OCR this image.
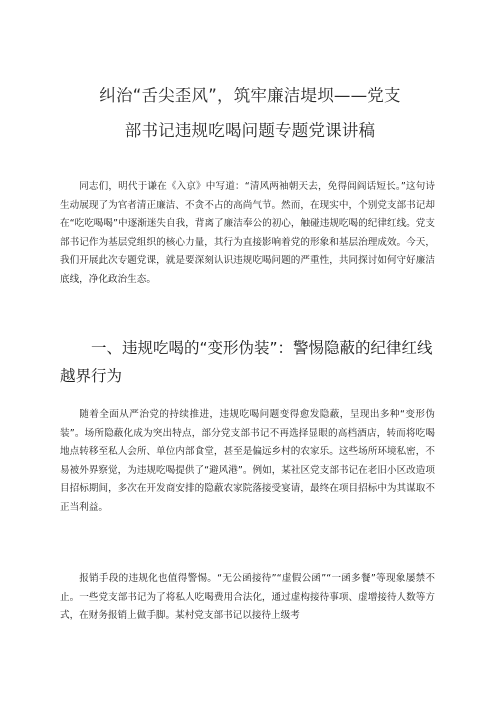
纠治“舌尖歪风”，筑牢廉洁堤坝——党支
部书记违规吃喝问题专题党课讲稿

同志们，明代于谦在《入京》中写道：“清风两袖朝天去，免得闾阎话短长。”这句诗生动展现了为官者清正廉洁、不贪不占的高尚气节。然而，在现实中，个别党支部书记却在“吃吃喝喝”中逐渐迷失自我，背离了廉洁奉公的初心，触碰违规吃喝的纪律红线。党支部书记作为基层党组织的核心力量，其行为直接影响着党的形象和基层治理成效。今天，我们开展此次专题党课，就是要深刻认识违规吃喝问题的严重性，共同探讨如何守好廉洁底线，净化政治生态。

一、违规吃喝的“变形伪装”：警惕隐蔽的纪律红线越界行为

随着全面从严治党的持续推进，违规吃喝问题变得愈发隐蔽，呈现出多种“变形伪装”。场所隐蔽化成为突出特点，部分党支部书记不再选择显眼的高档酒店，转而将吃喝地点转移至私人会所、单位内部食堂，甚至是偏远乡村的农家乐。这些场所环境私密，不易被外界察觉，为违规吃喝提供了“避风港”。例如，某社区党支部书记在老旧小区改造项目招标期间，多次在开发商安排的隐蔽农家院落接受宴请，最终在项目招标中为其谋取不正当利益。

报销手段的违规化也值得警惕。“无公函接待”“虚假公函”“一函多餐”等现象屡禁不止。一些党支部书记为了将私人吃喝费用合法化，通过虚构接待事项、虚增接待人数等方式，在财务报销上做手脚。某村党支部书记以接待上级考
